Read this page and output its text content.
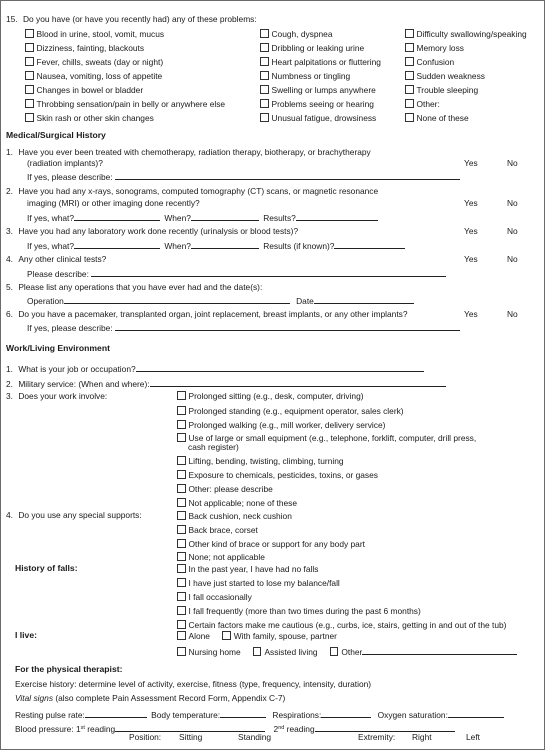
15. Do you have (or have you recently had) any of these problems:
Blood in urine, stool, vomit, mucus
Dizziness, fainting, blackouts
Fever, chills, sweats (day or night)
Nausea, vomiting, loss of appetite
Changes in bowel or bladder
Throbbing sensation/pain in belly or anywhere else
Skin rash or other skin changes
Cough, dyspnea
Dribbling or leaking urine
Heart palpitations or fluttering
Numbness or tingling
Swelling or lumps anywhere
Problems seeing or hearing
Unusual fatigue, drowsiness
Difficulty swallowing/speaking
Memory loss
Confusion
Sudden weakness
Trouble sleeping
Other:
None of these
Medical/Surgical History
1. Have you ever been treated with chemotherapy, radiation therapy, biotherapy, or brachytherapy
(radiation implants)?	Yes	No
If yes, please describe:
2. Have you had any x-rays, sonograms, computed tomography (CT) scans, or magnetic resonance
imaging (MRI) or other imaging done recently?	Yes	No
If yes, what?	When?	Results?
3. Have you had any laboratory work done recently (urinalysis or blood tests)?	Yes	No
If yes, what?	When?	Results (if known)?
4. Any other clinical tests?	Yes	No
Please describe:
5. Please list any operations that you have ever had and the date(s):
Operation	Date
6. Do you have a pacemaker, transplanted organ, joint replacement, breast implants, or any other implants?	Yes	No
If yes, please describe:
Work/Living Environment
1. What is your job or occupation?
2. Military service: (When and where):
3. Does your work involve:	Prolonged sitting (e.g., desk, computer, driving)
Prolonged standing (e.g., equipment operator, sales clerk)
Prolonged walking (e.g., mill worker, delivery service)
Use of large or small equipment (e.g., telephone, forklift, computer, drill press,
Lifting, bending, twisting, climbing, turning
Exposure to chemicals, pesticides, toxins, or gases
Other: please describe
Not applicable; none of these
cash register)
4. Do you use any special supports:	Back cushion, neck cushion
Back brace, corset
Other kind of brace or support for any body part
None; not applicable
History of falls:	In the past year, I have had no falls
I have just started to lose my balance/fall
I fall occasionally
I fall frequently (more than two times during the past 6 months)
Certain factors make me cautious (e.g., curbs, ice, stairs, getting in and out of the tub)
I live:	Alone	With family, spouse, partner
Nursing home	Assisted living	Other
For the physical therapist:
Exercise history: determine level of activity, exercise, fitness (type, frequency, intensity, duration)
Vital signs (also complete Pain Assessment Record Form, Appendix C-7)
Resting pulse rate:	Body temperature:	Respirations:	Oxygen saturation:
Blood pressure: 1st reading	2nd reading
Position: Sitting	Standing	Extremity: Right	Left
